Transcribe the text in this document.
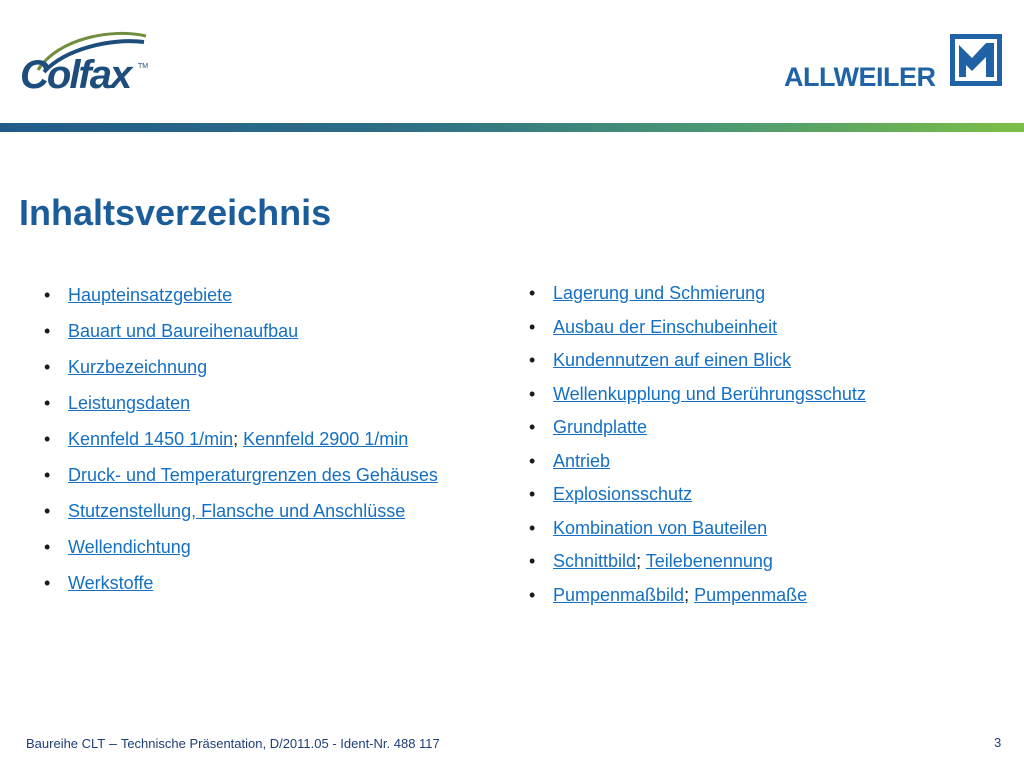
Colfax	TM	ALLWEILER
Inhaltsverzeichnis
• Haupteinsatzgebiete
• Bauart und Baureihenaufbau
• Kurzbezeichnung
• Leistungsdaten
• Kennfeld 1450 1/min; Kennfeld 2900 1/min
• Druck- und Temperaturgrenzen des Gehäuses
• Stutzenstellung, Flansche und Anschlüsse
• Wellendichtung
• Werkstoffe
• Lagerung und Schmierung
• Ausbau der Einschubeinheit
• Kundennutzen auf einen Blick
• Wellenkupplung und Berührungsschutz
• Grundplatte
• Antrieb
• Explosionsschutz
• Kombination von Bauteilen
• Schnittbild; Teilebenennung
• Pumpenmaßbild; Pumpenmaße
Baureihe CLT – Technische Präsentation, D/2011.05 - Ident-Nr. 488 117	3
